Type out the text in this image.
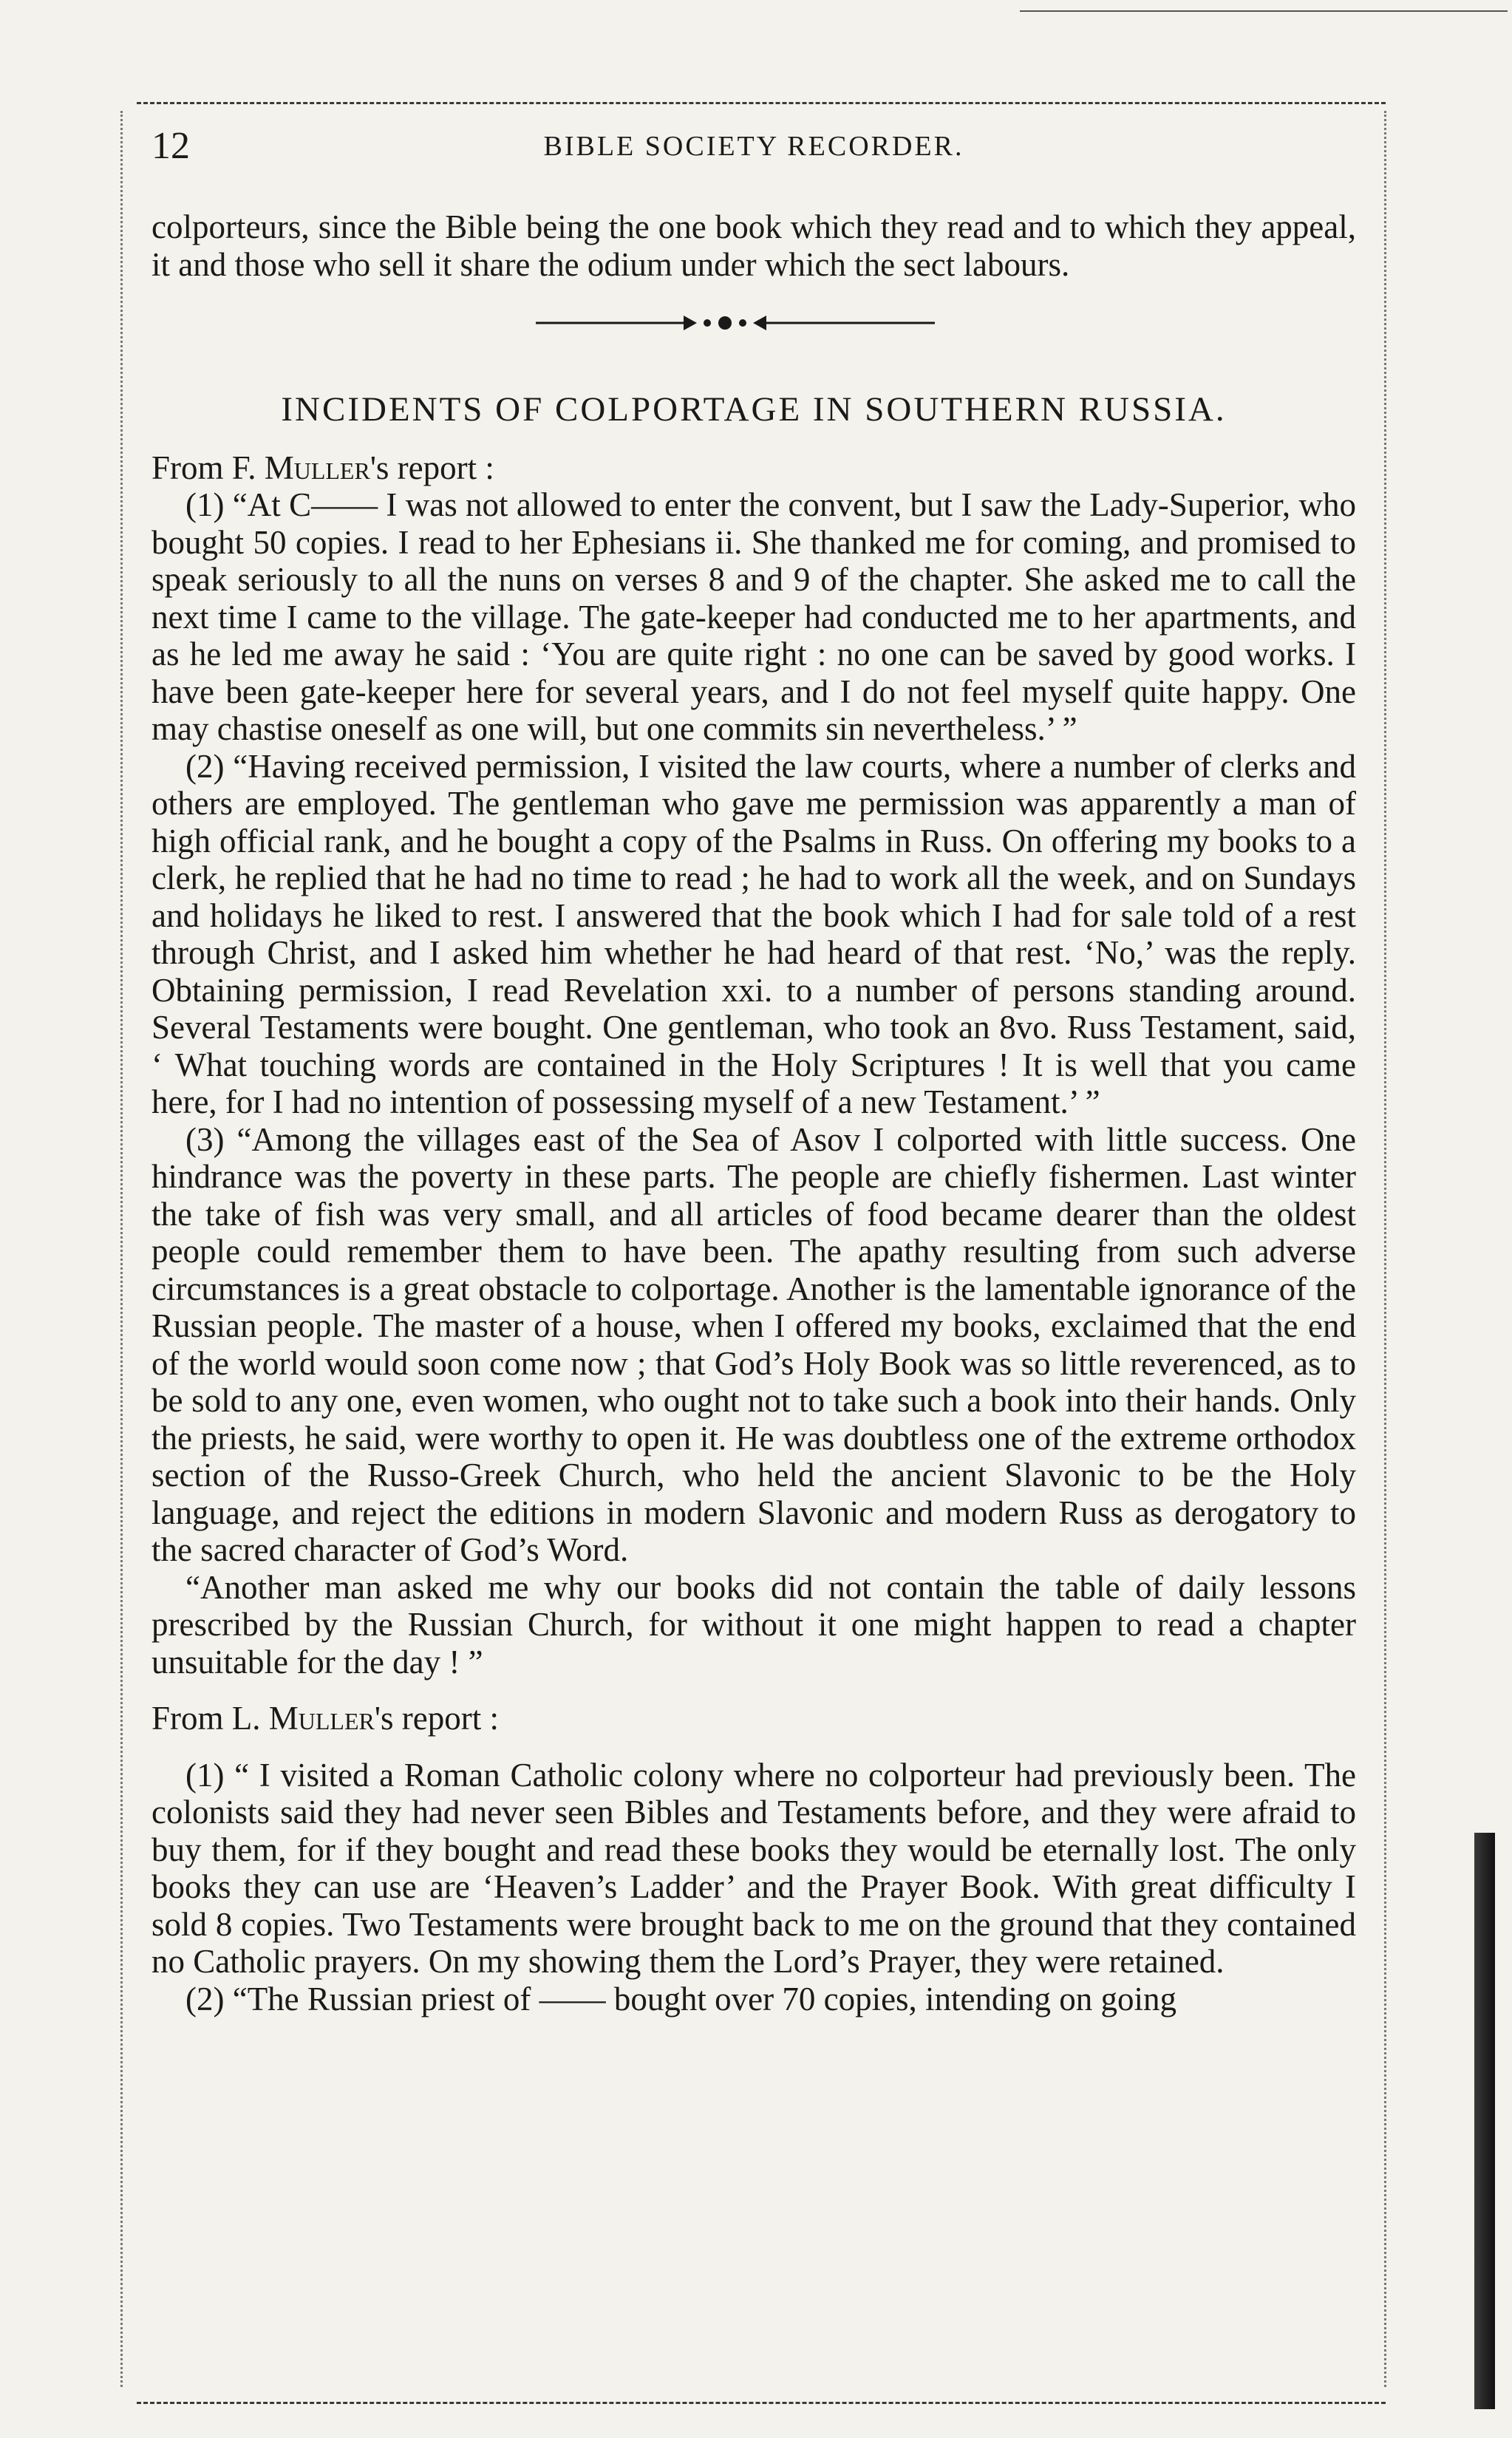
12	BIBLE SOCIETY RECORDER.

colporteurs, since the Bible being the one book which they read and to which they appeal, it and those who sell it share the odium under which the sect labours.

INCIDENTS OF COLPORTAGE IN SOUTHERN RUSSIA.

From F. Muller's report :

(1) “At C—— I was not allowed to enter the convent, but I saw the Lady-Superior, who bought 50 copies. I read to her Ephesians ii. She thanked me for coming, and promised to speak seriously to all the nuns on verses 8 and 9 of the chapter. She asked me to call the next time I came to the village. The gate-keeper had conducted me to her apartments, and as he led me away he said : ‘You are quite right : no one can be saved by good works. I have been gate-keeper here for several years, and I do not feel myself quite happy. One may chastise oneself as one will, but one commits sin nevertheless.’ ”

(2) “Having received permission, I visited the law courts, where a number of clerks and others are employed. The gentleman who gave me permission was apparently a man of high official rank, and he bought a copy of the Psalms in Russ. On offering my books to a clerk, he replied that he had no time to read ; he had to work all the week, and on Sundays and holidays he liked to rest. I answered that the book which I had for sale told of a rest through Christ, and I asked him whether he had heard of that rest. ‘No,’ was the reply. Obtaining permission, I read Revelation xxi. to a number of persons standing around. Several Testaments were bought. One gentleman, who took an 8vo. Russ Testament, said, ‘ What touching words are contained in the Holy Scriptures ! It is well that you came here, for I had no intention of possessing myself of a new Testament.’ ”

(3) “Among the villages east of the Sea of Asov I colported with little success. One hindrance was the poverty in these parts. The people are chiefly fishermen. Last winter the take of fish was very small, and all articles of food became dearer than the oldest people could remember them to have been. The apathy resulting from such adverse circumstances is a great obstacle to colportage. Another is the lamentable ignorance of the Russian people. The master of a house, when I offered my books, exclaimed that the end of the world would soon come now ; that God’s Holy Book was so little reverenced, as to be sold to any one, even women, who ought not to take such a book into their hands. Only the priests, he said, were worthy to open it. He was doubtless one of the extreme orthodox section of the Russo-Greek Church, who held the ancient Slavonic to be the Holy language, and reject the editions in modern Slavonic and modern Russ as derogatory to the sacred character of God’s Word.

“Another man asked me why our books did not contain the table of daily lessons prescribed by the Russian Church, for without it one might happen to read a chapter unsuitable for the day ! ”

From L. Muller's report :

(1) “ I visited a Roman Catholic colony where no colporteur had previously been. The colonists said they had never seen Bibles and Testaments before, and they were afraid to buy them, for if they bought and read these books they would be eternally lost. The only books they can use are ‘Heaven’s Ladder’ and the Prayer Book. With great difficulty I sold 8 copies. Two Testaments were brought back to me on the ground that they contained no Catholic prayers. On my showing them the Lord’s Prayer, they were retained.

(2) “The Russian priest of —— bought over 70 copies, intending on going
